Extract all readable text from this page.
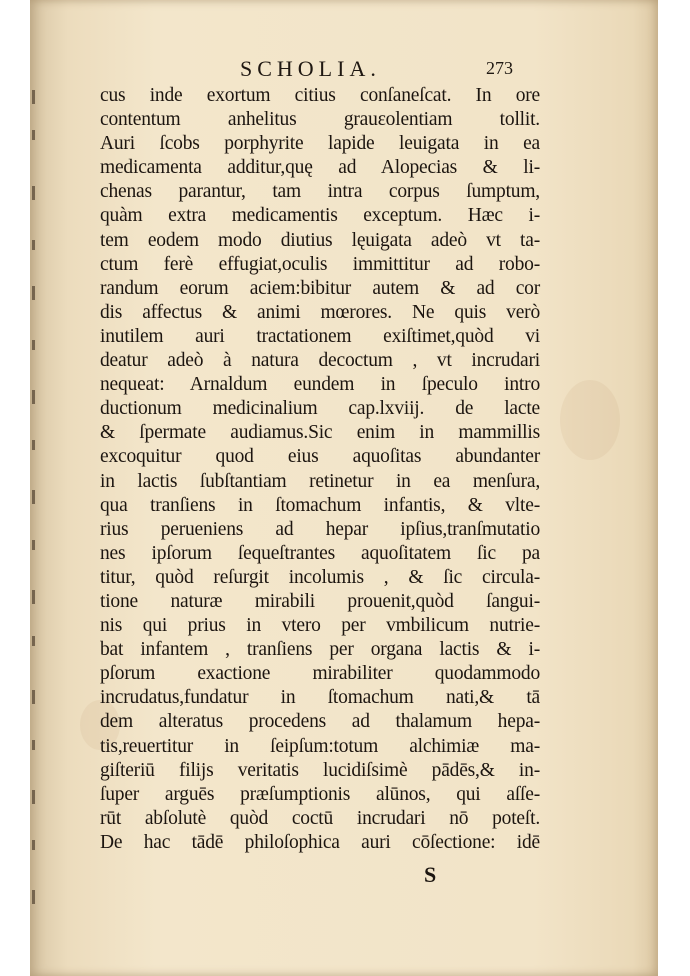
SCHOLIA.	273
cus inde exortum citius conſaneſcat. In ore
contentum anhelitus grauεolentiam tollit.
Auri ſcobs porphyrite lapide leuigata in ea
medicamenta additur,quę ad Alopecias & li-
chenas parantur, tam intra corpus ſumptum,
quàm extra medicamentis exceptum. Hæc i-
tem eodem modo diutius lęuigata adeò vt ta-
ctum ferè effugiat,oculis immittitur ad robo-
randum eorum aciem:bibitur autem & ad cor
dis affectus & animi mœrores. Ne quis verò
inutilem auri tractationem exiſtimet,quòd vi
deatur adeò à natura decoctum , vt incrudari
nequeat: Arnaldum eundem in ſpeculo intro
ductionum medicinalium cap.lxviij. de lacte
& ſpermate audiamus.Sic enim in mammillis
excoquitur quod eius aquoſitas abundanter
in lactis ſubſtantiam retinetur in ea menſura,
qua tranſiens in ſtomachum infantis, & vlte-
rius perueniens ad hepar ipſius,tranſmutatio
nes ipſorum ſequeſtrantes aquoſitatem ſic pa
titur, quòd reſurgit incolumis , & ſic circula-
tione naturæ mirabili prouenit,quòd ſangui-
nis qui prius in vtero per vmbilicum nutrie-
bat infantem , tranſiens per organa lactis & i-
pſorum exactione mirabiliter quodammodo
incrudatus,fundatur in ſtomachum nati,& tā
dem alteratus procedens ad thalamum hepa-
tis,reuertitur in ſeipſum:totum alchimiæ ma-
giſteriū filijs veritatis lucidiſsimè pādēs,& in-
ſuper arguēs præſumptionis alūnos, qui aſſe-
rūt abſolutè quòd coctū incrudari nō poteſt.
De hac tādē philoſophica auri cōſectione: idē
S
